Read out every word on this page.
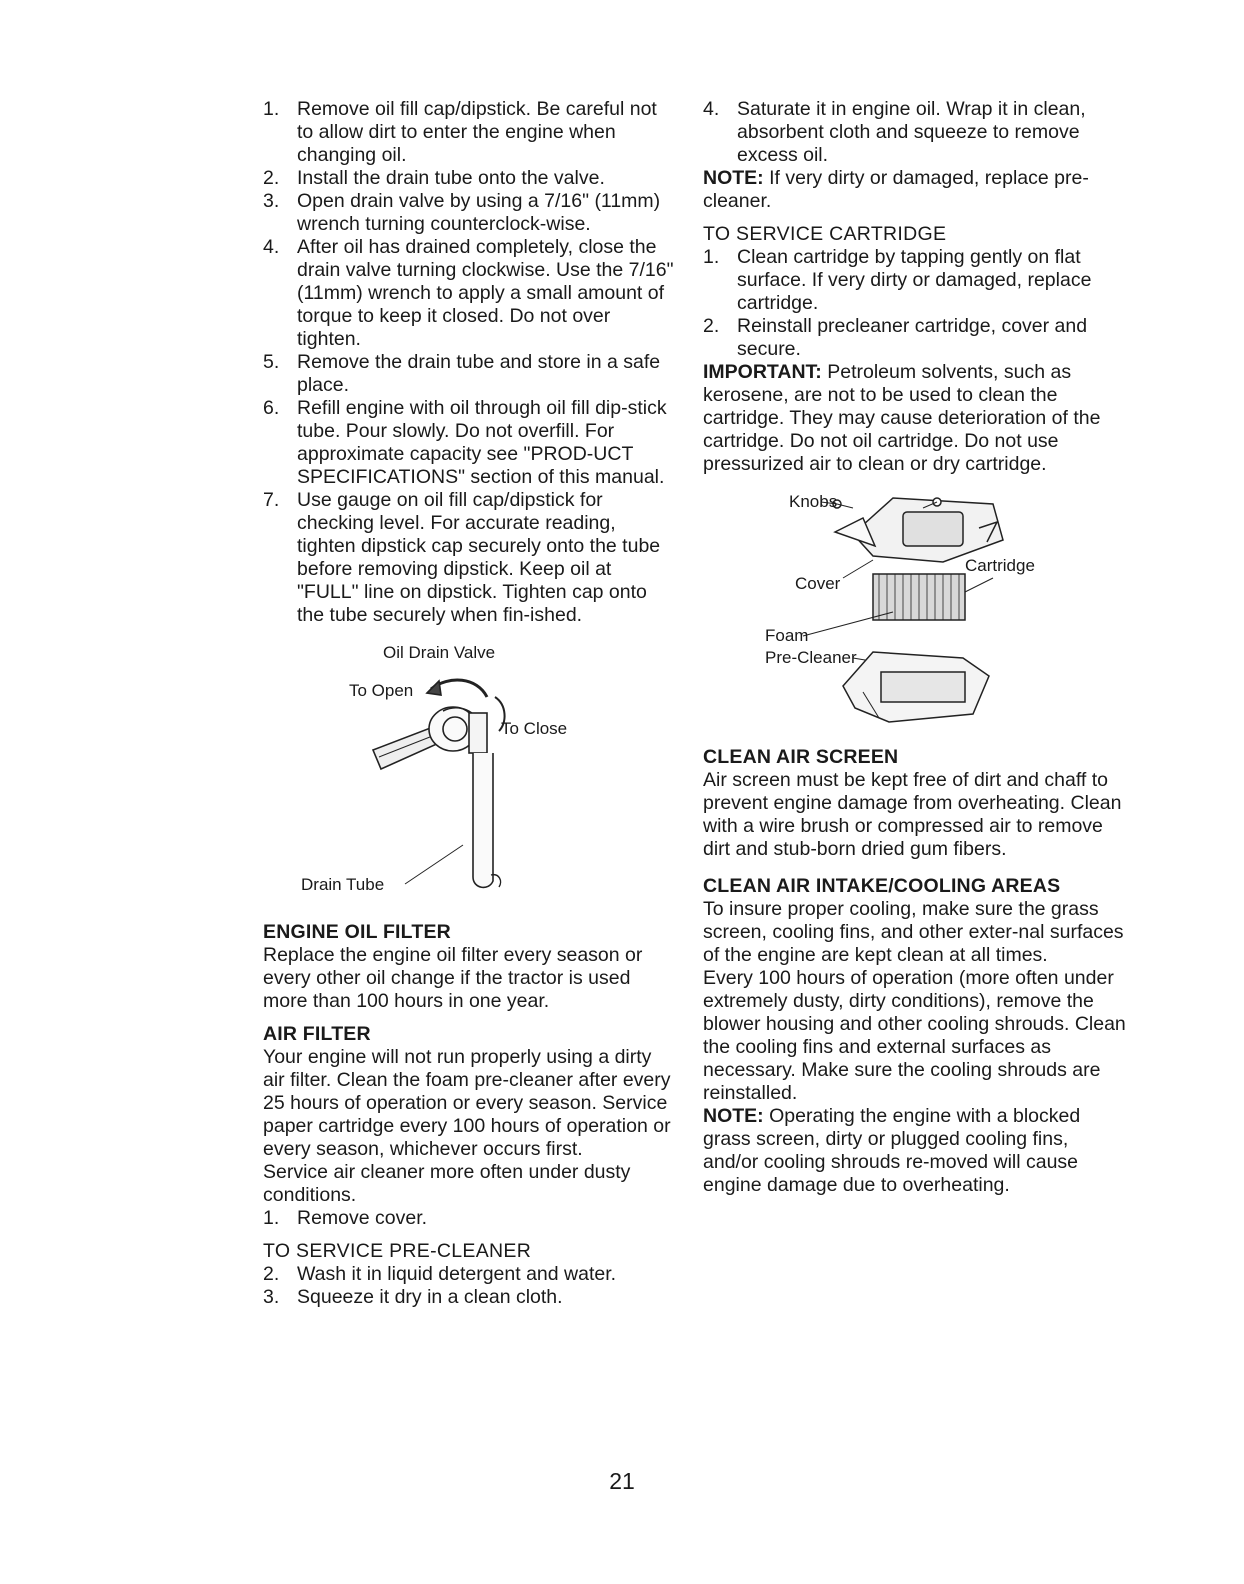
1. Remove oil fill cap/dipstick. Be careful not to allow dirt to enter the engine when changing oil.
2. Install the drain tube onto the valve.
3. Open drain valve by using a 7/16" (11mm) wrench turning counterclock-wise.
4. After oil has drained completely, close the drain valve turning clockwise. Use the 7/16" (11mm) wrench to apply a small amount of torque to keep it closed. Do not over tighten.
5. Remove the drain tube and store in a safe place.
6. Refill engine with oil through oil fill dip-stick tube. Pour slowly. Do not overfill. For approximate capacity see "PROD-UCT SPECIFICATIONS" section of this manual.
7. Use gauge on oil fill cap/dipstick for checking level. For accurate reading, tighten dipstick cap securely onto the tube before removing dipstick. Keep oil at "FULL" line on dipstick. Tighten cap onto the tube securely when fin-ished.
Oil Drain Valve
To Open
To Close
Drain Tube

ENGINE OIL FILTER

Replace the engine oil filter every season or every other oil change if the tractor is used more than 100 hours in one year.

AIR FILTER

Your engine will not run properly using a dirty air filter. Clean the foam pre-cleaner after every 25 hours of operation or every season. Service paper cartridge every 100 hours of operation or every season, whichever occurs first.

Service air cleaner more often under dusty conditions.

1. Remove cover.

TO SERVICE PRE-CLEANER

2. Wash it in liquid detergent and water.
3. Squeeze it dry in a clean cloth.
4. Saturate it in engine oil. Wrap it in clean, absorbent cloth and squeeze to remove excess oil.

NOTE: If very dirty or damaged, replace pre-cleaner.

TO SERVICE CARTRIDGE

1. Clean cartridge by tapping gently on flat surface. If very dirty or damaged, replace cartridge.
2. Reinstall precleaner cartridge, cover and secure.

IMPORTANT: Petroleum solvents, such as kerosene, are not to be used to clean the cartridge. They may cause deterioration of the cartridge. Do not oil cartridge. Do not use pressurized air to clean or dry cartridge.

Knobs
Cover
Cartridge
Foam
Pre-Cleaner

CLEAN AIR SCREEN

Air screen must be kept free of dirt and chaff to prevent engine damage from overheating. Clean with a wire brush or compressed air to remove dirt and stub-born dried gum fibers.

CLEAN AIR INTAKE/COOLING AREAS

To insure proper cooling, make sure the grass screen, cooling fins, and other exter-nal surfaces of the engine are kept clean at all times.

Every 100 hours of operation (more often under extremely dusty, dirty conditions), remove the blower housing and other cooling shrouds. Clean the cooling fins and external surfaces as necessary. Make sure the cooling shrouds are reinstalled.

NOTE: Operating the engine with a blocked grass screen, dirty or plugged cooling fins, and/or cooling shrouds re-moved will cause engine damage due to overheating.

21
